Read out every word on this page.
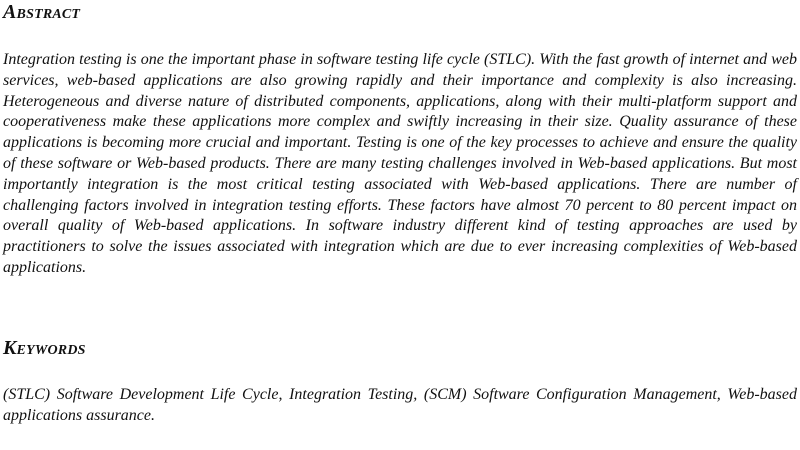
Abstract

Integration testing is one the important phase in software testing life cycle (STLC). With the fast growth of internet and web services, web-based applications are also growing rapidly and their importance and complexity is also increasing. Heterogeneous and diverse nature of distributed components, applications, along with their multi-platform support and cooperativeness make these applications more complex and swiftly increasing in their size. Quality assurance of these applications is becoming more crucial and important. Testing is one of the key processes to achieve and ensure the quality of these software or Web-based products. There are many testing challenges involved in Web-based applications. But most importantly integration is the most critical testing associated with Web-based applications. There are number of challenging factors involved in integration testing efforts. These factors have almost 70 percent to 80 percent impact on overall quality of Web-based applications. In software industry different kind of testing approaches are used by practitioners to solve the issues associated with integration which are due to ever increasing complexities of Web-based applications.

Keywords

(STLC) Software Development Life Cycle, Integration Testing, (SCM) Software Configuration Management, Web-based applications assurance.
